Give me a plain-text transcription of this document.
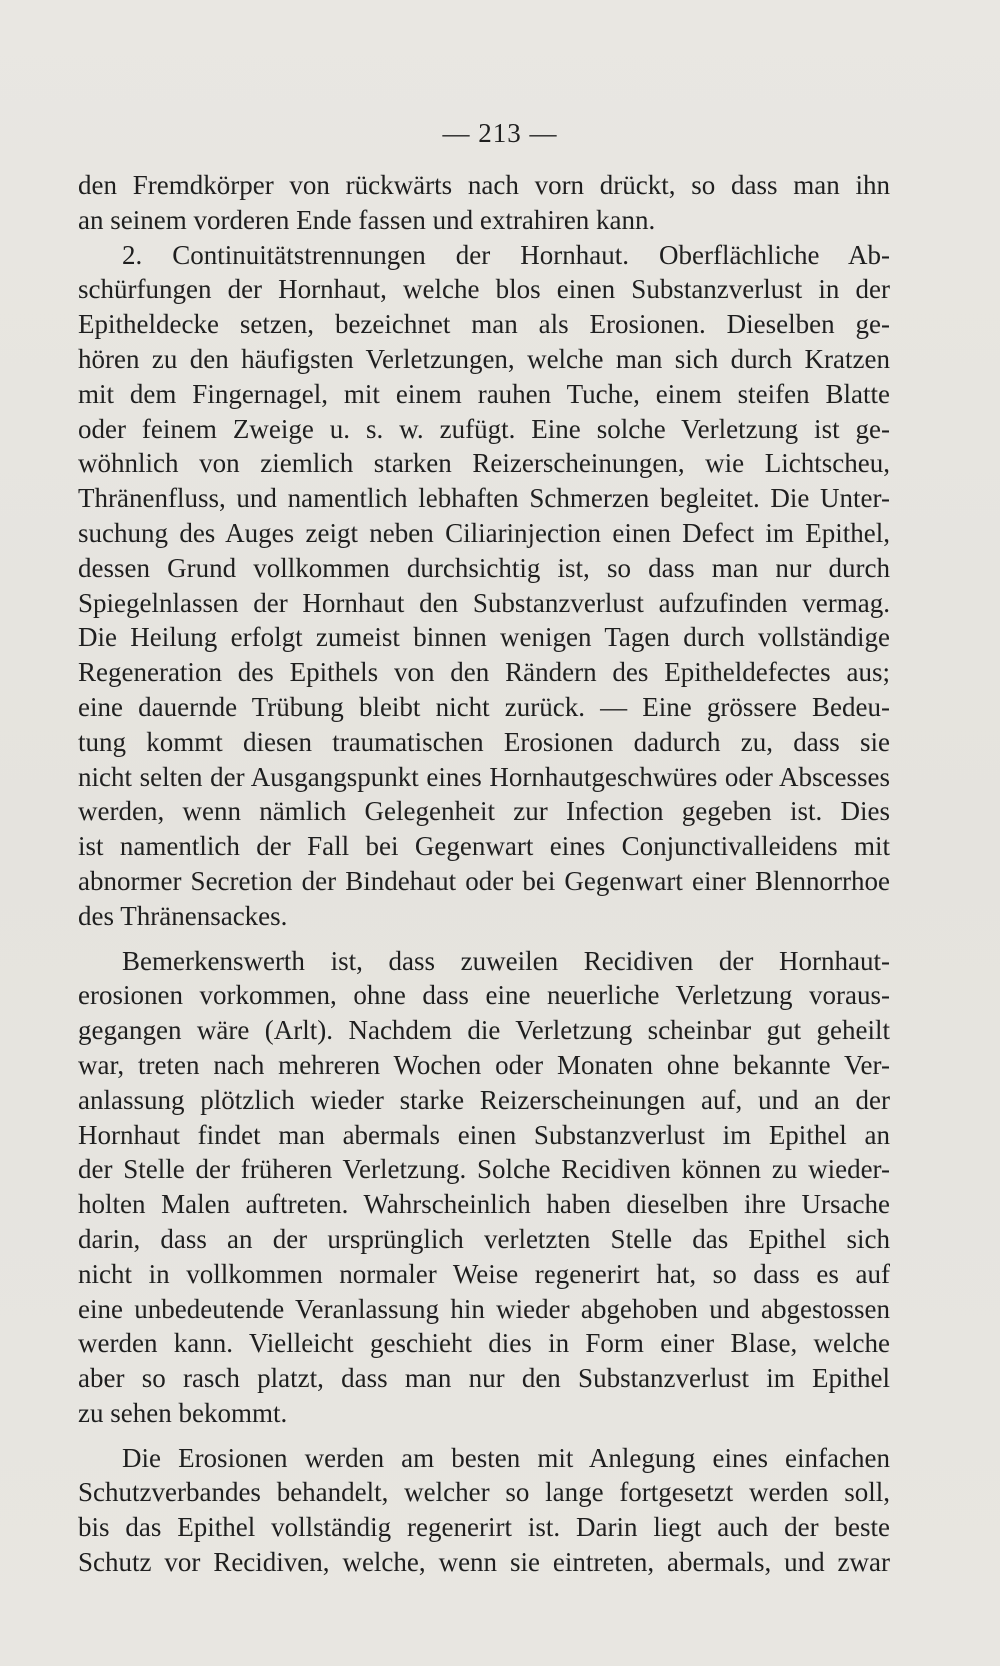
— 213 —
den Fremdkörper von rückwärts nach vorn drückt, so dass man ihn
an seinem vorderen Ende fassen und extrahiren kann.
2. Continuitätstrennungen der Hornhaut. Oberflächliche Ab-
schürfungen der Hornhaut, welche blos einen Substanzverlust in der
Epitheldecke setzen, bezeichnet man als Erosionen. Dieselben ge-
hören zu den häufigsten Verletzungen, welche man sich durch Kratzen
mit dem Fingernagel, mit einem rauhen Tuche, einem steifen Blatte
oder feinem Zweige u. s. w. zufügt. Eine solche Verletzung ist ge-
wöhnlich von ziemlich starken Reizerscheinungen, wie Lichtscheu,
Thränenfluss, und namentlich lebhaften Schmerzen begleitet. Die Unter-
suchung des Auges zeigt neben Ciliarinjection einen Defect im Epithel,
dessen Grund vollkommen durchsichtig ist, so dass man nur durch
Spiegelnlassen der Hornhaut den Substanzverlust aufzufinden vermag.
Die Heilung erfolgt zumeist binnen wenigen Tagen durch vollständige
Regeneration des Epithels von den Rändern des Epitheldefectes aus;
eine dauernde Trübung bleibt nicht zurück. — Eine grössere Bedeu-
tung kommt diesen traumatischen Erosionen dadurch zu, dass sie
nicht selten der Ausgangspunkt eines Hornhautgeschwüres oder Abscesses
werden, wenn nämlich Gelegenheit zur Infection gegeben ist. Dies
ist namentlich der Fall bei Gegenwart eines Conjunctivalleidens mit
abnormer Secretion der Bindehaut oder bei Gegenwart einer Blennorrhoe
des Thränensackes.
Bemerkenswerth ist, dass zuweilen Recidiven der Hornhaut-
erosionen vorkommen, ohne dass eine neuerliche Verletzung voraus-
gegangen wäre (Arlt). Nachdem die Verletzung scheinbar gut geheilt
war, treten nach mehreren Wochen oder Monaten ohne bekannte Ver-
anlassung plötzlich wieder starke Reizerscheinungen auf, und an der
Hornhaut findet man abermals einen Substanzverlust im Epithel an
der Stelle der früheren Verletzung. Solche Recidiven können zu wieder-
holten Malen auftreten. Wahrscheinlich haben dieselben ihre Ursache
darin, dass an der ursprünglich verletzten Stelle das Epithel sich
nicht in vollkommen normaler Weise regenerirt hat, so dass es auf
eine unbedeutende Veranlassung hin wieder abgehoben und abgestossen
werden kann. Vielleicht geschieht dies in Form einer Blase, welche
aber so rasch platzt, dass man nur den Substanzverlust im Epithel
zu sehen bekommt.
Die Erosionen werden am besten mit Anlegung eines einfachen
Schutzverbandes behandelt, welcher so lange fortgesetzt werden soll,
bis das Epithel vollständig regenerirt ist. Darin liegt auch der beste
Schutz vor Recidiven, welche, wenn sie eintreten, abermals, und zwar
